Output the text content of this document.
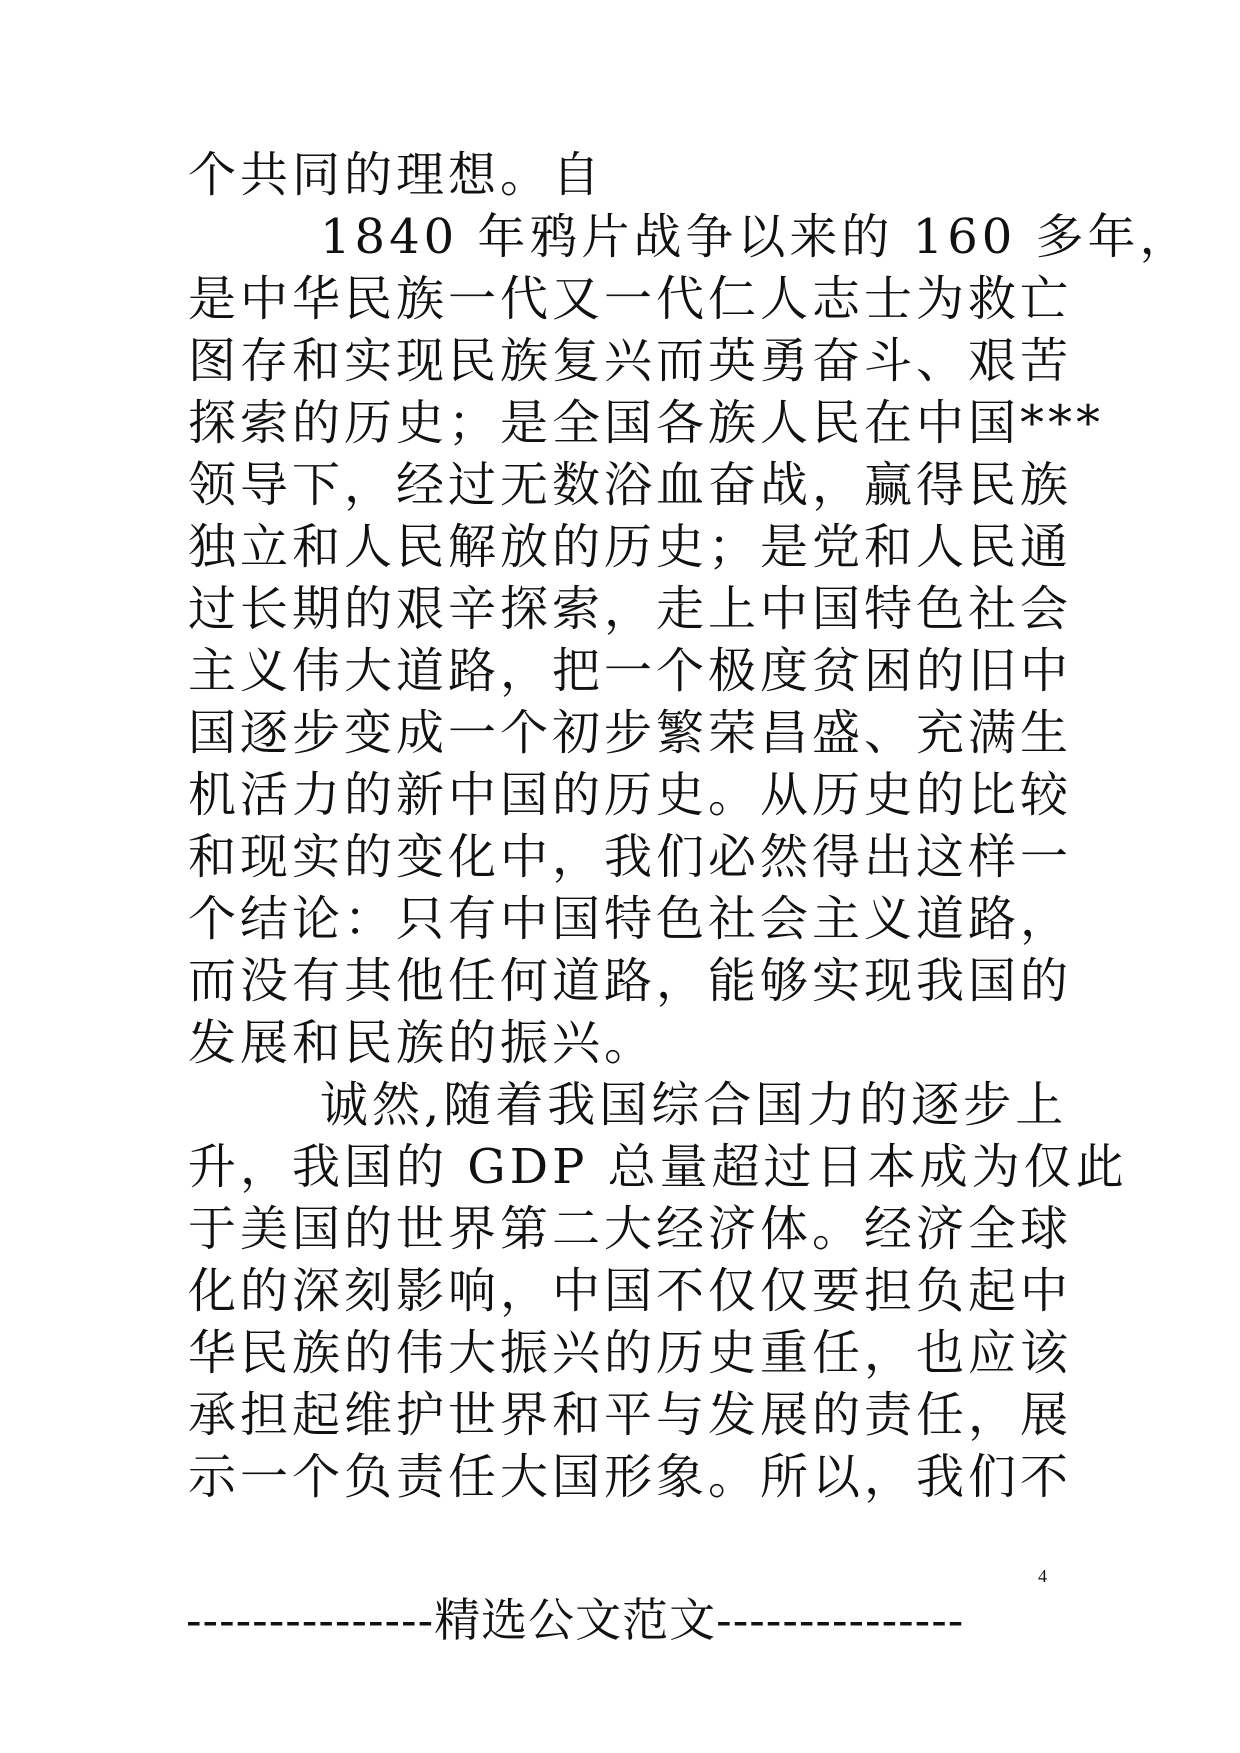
个共同的理想。自
1840 年鸦片战争以来的 160 多年，
是中华民族一代又一代仁人志士为救亡
图存和实现民族复兴而英勇奋斗、艰苦
探索的历史；是全国各族人民在中国***
领导下，经过无数浴血奋战，赢得民族
独立和人民解放的历史；是党和人民通
过长期的艰辛探索，走上中国特色社会
主义伟大道路，把一个极度贫困的旧中
国逐步变成一个初步繁荣昌盛、充满生
机活力的新中国的历史。从历史的比较
和现实的变化中，我们必然得出这样一
个结论：只有中国特色社会主义道路，
而没有其他任何道路，能够实现我国的
发展和民族的振兴。
诚然,随着我国综合国力的逐步上
升，我国的 GDP 总量超过日本成为仅此
于美国的世界第二大经济体。经济全球
化的深刻影响，中国不仅仅要担负起中
华民族的伟大振兴的历史重任，也应该
承担起维护世界和平与发展的责任，展
示一个负责任大国形象。所以，我们不
4
---------------精选公文范文---------------
